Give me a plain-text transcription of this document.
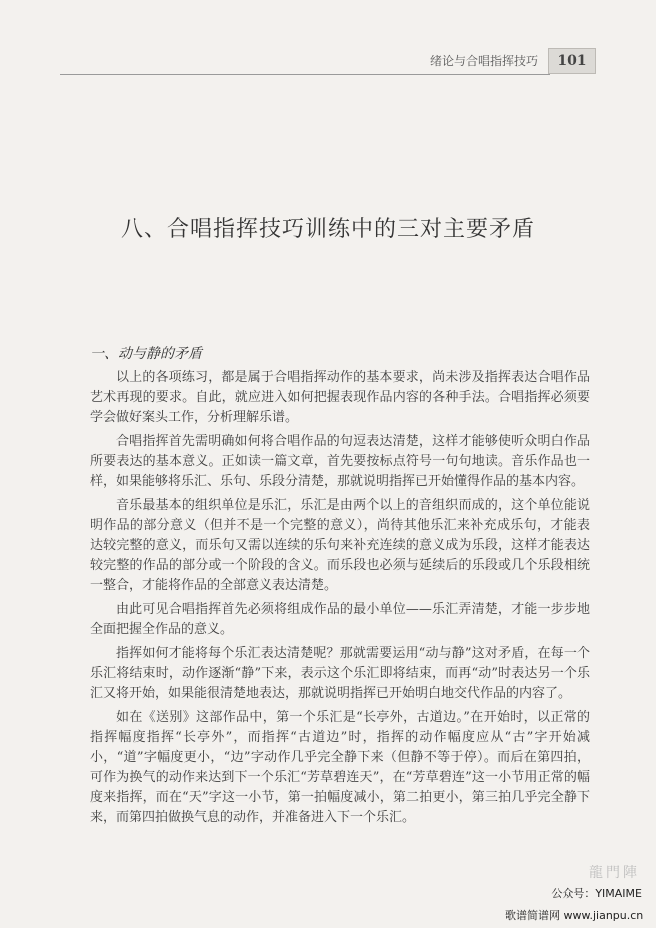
绪论与合唱指挥技巧	101
八、合唱指挥技巧训练中的三对主要矛盾
一、动与静的矛盾

以上的各项练习，都是属于合唱指挥动作的基本要求，尚未涉及指挥表达合唱作品艺术再现的要求。自此，就应进入如何把握表现作品内容的各种手法。合唱指挥必须要学会做好案头工作，分析理解乐谱。

合唱指挥首先需明确如何将合唱作品的句逗表达清楚，这样才能够使听众明白作品所要表达的基本意义。正如读一篇文章，首先要按标点符号一句句地读。音乐作品也一样，如果能够将乐汇、乐句、乐段分清楚，那就说明指挥已开始懂得作品的基本内容。

音乐最基本的组织单位是乐汇，乐汇是由两个以上的音组织而成的，这个单位能说明作品的部分意义（但并不是一个完整的意义），尚待其他乐汇来补充成乐句，才能表达较完整的意义，而乐句又需以连续的乐句来补充连续的意义成为乐段，这样才能表达较完整的作品的部分或一个阶段的含义。而乐段也必须与延续后的乐段或几个乐段相统一整合，才能将作品的全部意义表达清楚。

由此可见合唱指挥首先必须将组成作品的最小单位——乐汇弄清楚，才能一步步地全面把握全作品的意义。

指挥如何才能将每个乐汇表达清楚呢？那就需要运用“动与静”这对矛盾，在每一个乐汇将结束时，动作逐渐“静”下来，表示这个乐汇即将结束，而再“动”时表达另一个乐汇又将开始，如果能很清楚地表达，那就说明指挥已开始明白地交代作品的内容了。

如在《送别》这部作品中，第一个乐汇是“长亭外，古道边。”在开始时，以正常的指挥幅度指挥“长亭外”，而指挥“古道边”时，指挥的动作幅度应从“古”字开始减小，“道”字幅度更小，“边”字动作几乎完全静下来（但静不等于停）。而后在第四拍，可作为换气的动作来达到下一个乐汇“芳草碧连天”，在“芳草碧连”这一小节用正常的幅度来指挥，而在“天”字这一小节，第一拍幅度减小，第二拍更小，第三拍几乎完全静下来，而第四拍做换气息的动作，并准备进入下一个乐汇。

龍門陣
公众号：YIMAIME
歌谱简谱网 www.jianpu.cn
